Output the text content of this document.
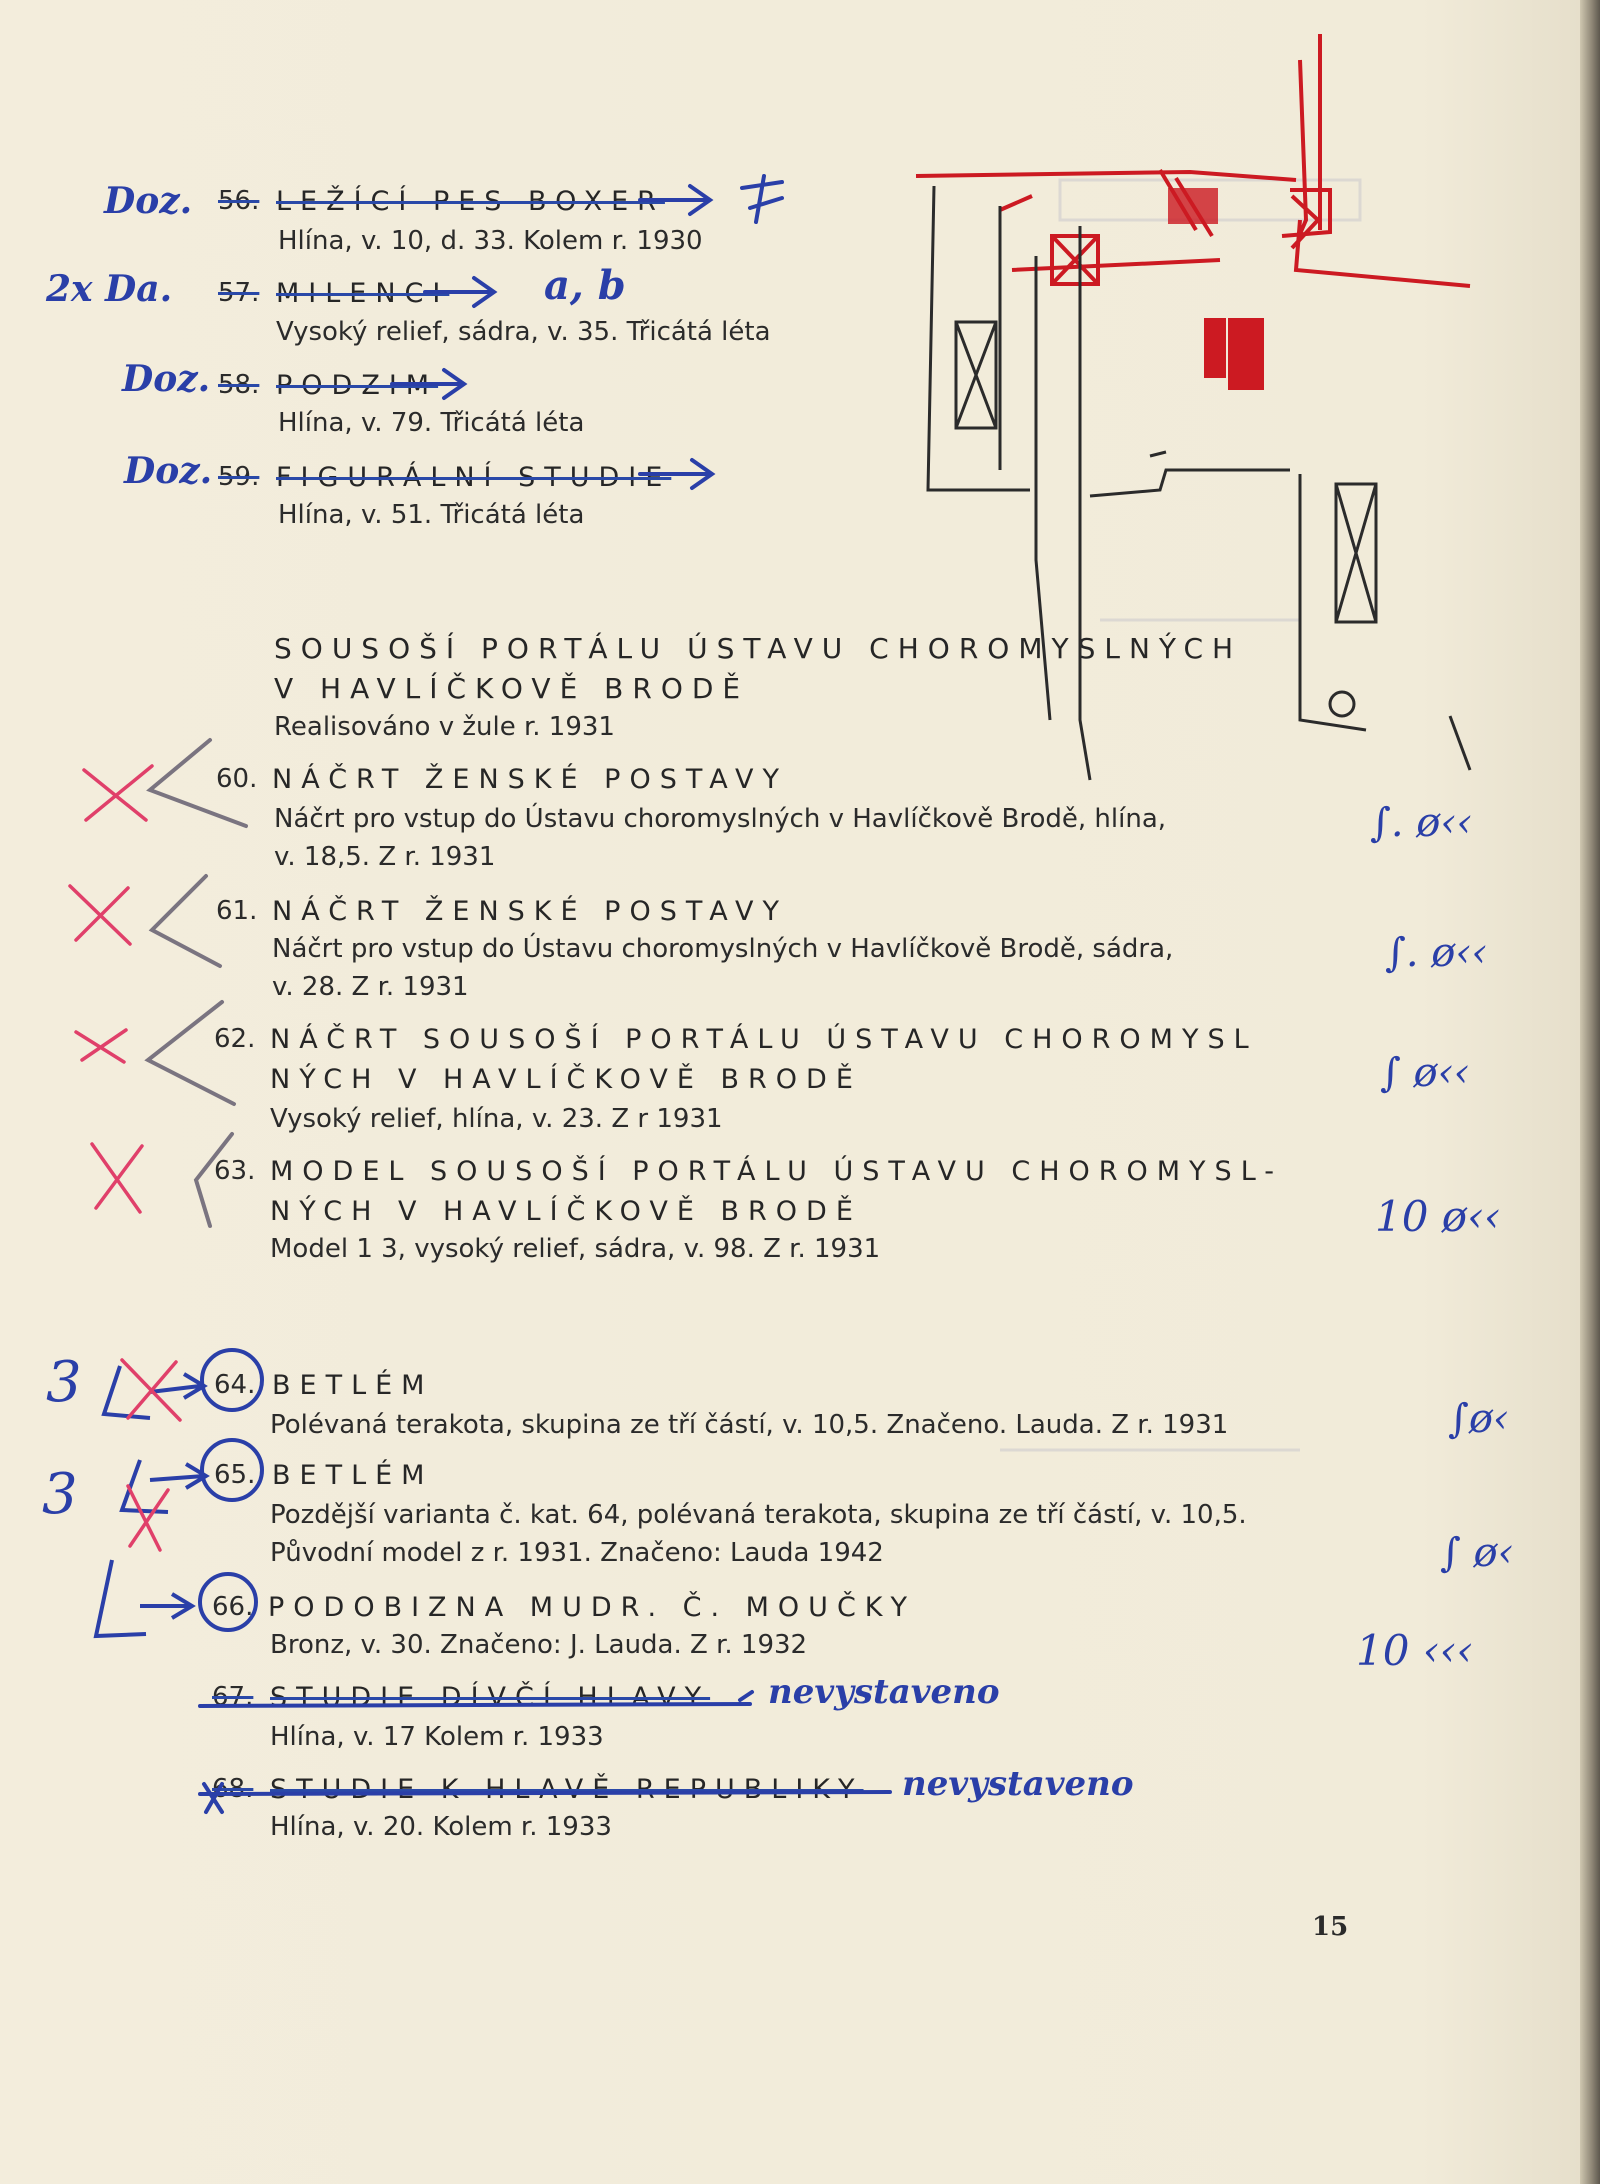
56. LEŽÍCÍ PES BOXER
Hlína, v. 10, d. 33. Kolem r. 1930
57. MILENCI
Vysoký relief, sádra, v. 35. Třicátá léta
58. PODZIM
Hlína, v. 79. Třicátá léta
59. FIGURÁLNÍ STUDIE
Hlína, v. 51. Třicátá léta
SOUSOŠÍ PORTÁLU ÚSTAVU CHOROMYSLNÝCH
V HAVLÍČKOVĚ BRODĚ
Realisováno v žule r. 1931
60. NÁČRT ŽENSKÉ POSTAVY
Náčrt pro vstup do Ústavu choromyslných v Havlíčkově Brodě, hlína,
v. 18,5. Z r. 1931
∫. ø‹‹
61. NÁČRT ŽENSKÉ POSTAVY
Náčrt pro vstup do Ústavu choromyslných v Havlíčkově Brodě, sádra,
v. 28. Z r. 1931
∫. ø‹‹
62. NÁČRT SOUSOŠÍ PORTÁLU ÚSTAVU CHOROMYSL
NÝCH V HAVLÍČKOVĚ BRODĚ
Vysoký relief, hlína, v. 23. Z r 1931
∫ ø‹‹
63. MODEL SOUSOŠÍ PORTÁLU ÚSTAVU CHOROMYSL-
NÝCH V HAVLÍČKOVĚ BRODĚ
Model 1 3, vysoký relief, sádra, v. 98. Z r. 1931
10 ø‹‹
64. BETLÉM
Polévaná terakota, skupina ze tří částí, v. 10,5. Značeno. Lauda. Z r. 1931	∫ø‹
65. BETLÉM
Pozdější varianta č. kat. 64, polévaná terakota, skupina ze tří částí, v. 10,5.
Původní model z r. 1931. Značeno: Lauda 1942	∫ ø‹
66. PODOBIZNA MUDR. Č. MOUČKY
Bronz, v. 30. Značeno: J. Lauda. Z r. 1932	10 ‹‹‹
67. STUDIE DÍVČÍ HLAVY
Hlína, v. 17 Kolem r. 1933
nevystaveno
68. STUDIE K HLAVĚ REPUBLIKY
Hlína, v. 20. Kolem r. 1933
nevystaveno
Doz.
2x Da.	a, b
Doz.
Doz.
3
3
15
